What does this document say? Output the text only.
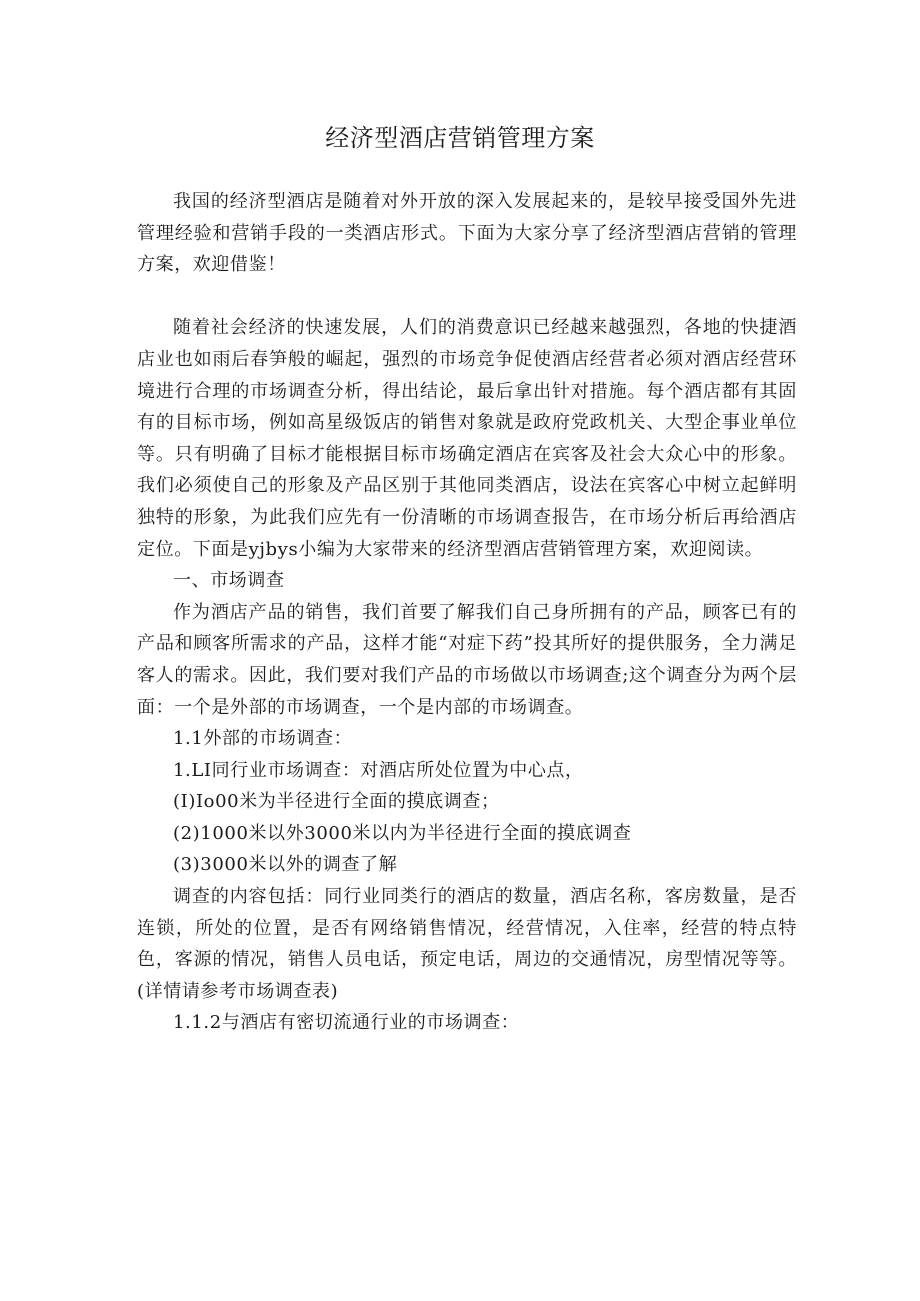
经济型酒店营销管理方案

我国的经济型酒店是随着对外开放的深入发展起来的，是较早接受国外先进管理经验和营销手段的一类酒店形式。下面为大家分享了经济型酒店营销的管理方案，欢迎借鉴！

随着社会经济的快速发展，人们的消费意识已经越来越强烈，各地的快捷酒店业也如雨后春笋般的崛起，强烈的市场竞争促使酒店经营者必须对酒店经营环境进行合理的市场调查分析，得出结论，最后拿出针对措施。每个酒店都有其固有的目标市场，例如高星级饭店的销售对象就是政府党政机关、大型企事业单位等。只有明确了目标才能根据目标市场确定酒店在宾客及社会大众心中的形象。我们必须使自己的形象及产品区别于其他同类酒店，设法在宾客心中树立起鲜明独特的形象，为此我们应先有一份清晰的市场调查报告，在市场分析后再给酒店定位。下面是yjbys小编为大家带来的经济型酒店营销管理方案，欢迎阅读。

一、市场调查

作为酒店产品的销售，我们首要了解我们自己身所拥有的产品，顾客已有的产品和顾客所需求的产品，这样才能“对症下药”投其所好的提供服务，全力满足客人的需求。因此，我们要对我们产品的市场做以市场调查;这个调查分为两个层面：一个是外部的市场调查，一个是内部的市场调查。

1.1外部的市场调查：

1.LI同行业市场调查：对酒店所处位置为中心点，

(I)Io00米为半径进行全面的摸底调查；

(2)1000米以外3000米以内为半径进行全面的摸底调查

(3)3000米以外的调查了解

调查的内容包括：同行业同类行的酒店的数量，酒店名称，客房数量，是否连锁，所处的位置，是否有网络销售情况，经营情况，入住率，经营的特点特色，客源的情况，销售人员电话，预定电话，周边的交通情况，房型情况等等。(详情请参考市场调查表)

1.1.2与酒店有密切流通行业的市场调查：
